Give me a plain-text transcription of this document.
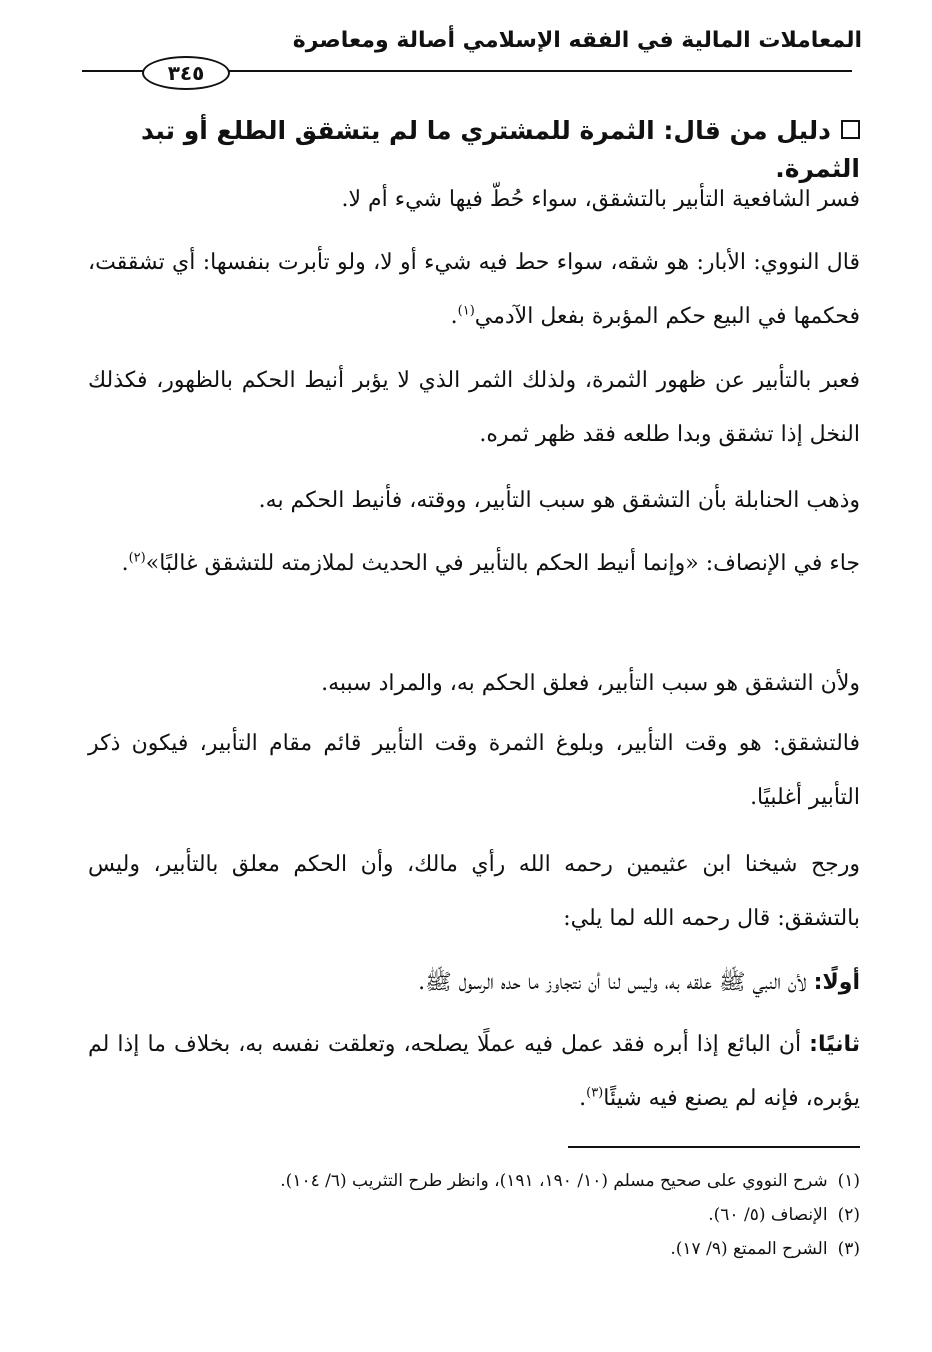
المعاملات المالية في الفقه الإسلامي أصالة ومعاصرة
٣٤٥
دليل من قال: الثمرة للمشتري ما لم يتشقق الطلع أو تبد الثمرة.

فسر الشافعية التأبير بالتشقق، سواء حُطّ فيها شيء أم لا.

قال النووي: الأبار: هو شقه، سواء حط فيه شيء أو لا، ولو تأبرت بنفسها: أي تشققت، فحكمها في البيع حكم المؤبرة بفعل الآدمي$^{(١)}$.

فعبر بالتأبير عن ظهور الثمرة، ولذلك الثمر الذي لا يؤبر أنيط الحكم بالظهور، فكذلك النخل إذا تشقق وبدا طلعه فقد ظهر ثمره.

وذهب الحنابلة بأن التشقق هو سبب التأبير، ووقته، فأنيط الحكم به.

جاء في الإنصاف: «وإنما أنيط الحكم بالتأبير في الحديث لملازمته للتشقق غالبًا»$^{(٢)}$.

ولأن التشقق هو سبب التأبير، فعلق الحكم به، والمراد سببه.

فالتشقق: هو وقت التأبير، وبلوغ الثمرة وقت التأبير قائم مقام التأبير، فيكون ذكر التأبير أغلبيًا.

ورجح شيخنا ابن عثيمين رحمه الله رأي مالك، وأن الحكم معلق بالتأبير، وليس بالتشقق: قال رحمه الله لما يلي:

أولًا: لأن النبي ﷺ علقه به، وليس لنا أن نتجاوز ما حده الرسول ﷺ.

ثانيًا: أن البائع إذا أبره فقد عمل فيه عملًا يصلحه، وتعلقت نفسه به، بخلاف ما إذا لم يؤبره، فإنه لم يصنع فيه شيئًا$^{(٣)}$.

(١)شرح النووي على صحيح مسلم (١٠/ ١٩٠، ١٩١)، وانظر طرح التثريب (٦/ ١٠٤).
(٢)الإنصاف (٥/ ٦٠).
(٣)الشرح الممتع (٩/ ١٧).
